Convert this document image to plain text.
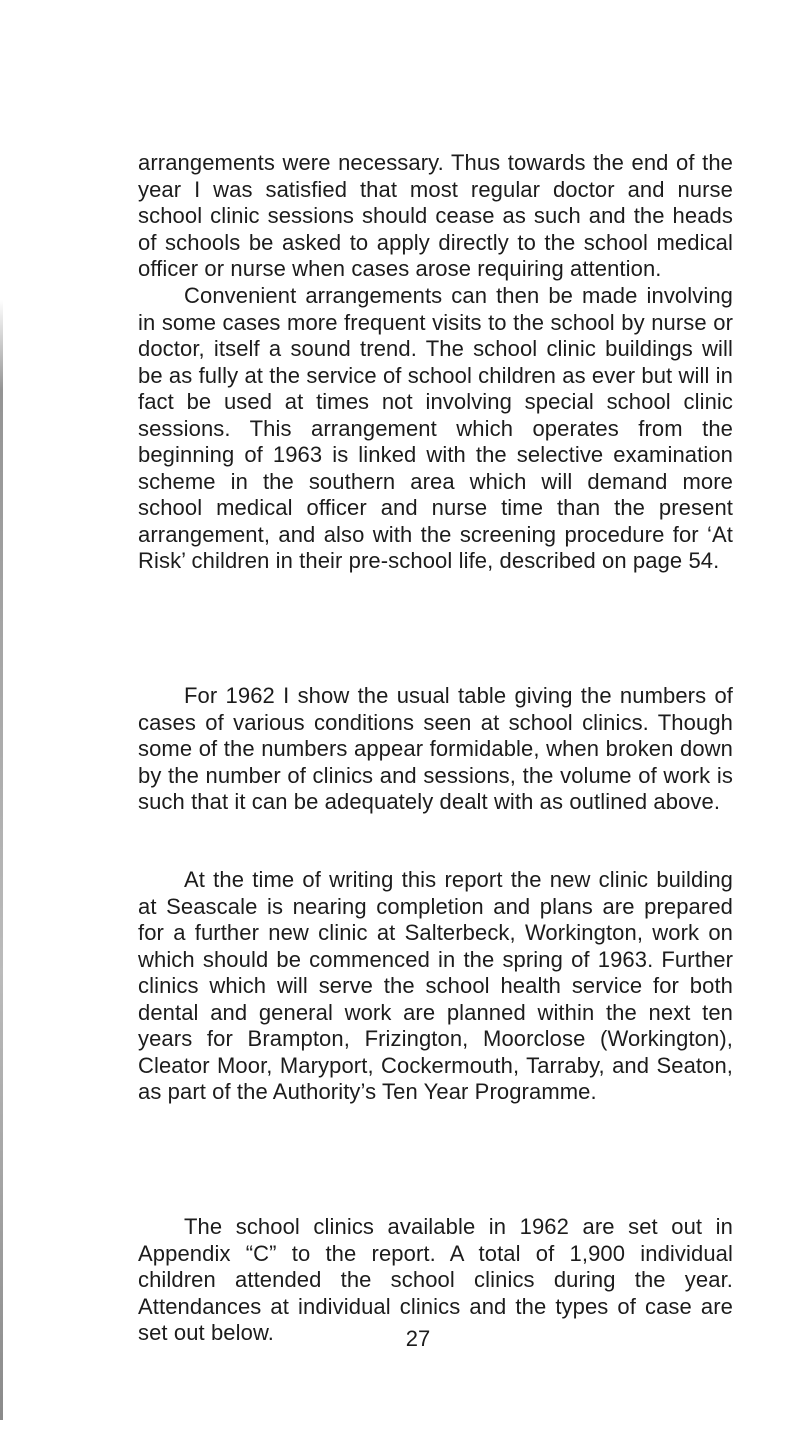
arrangements were necessary. Thus towards the end of the year I was satisfied that most regular doctor and nurse school clinic sessions should cease as such and the heads of schools be asked to apply directly to the school medical officer or nurse when cases arose requiring attention.

Convenient arrangements can then be made involving in some cases more frequent visits to the school by nurse or doctor, itself a sound trend. The school clinic buildings will be as fully at the service of school children as ever but will in fact be used at times not involving special school clinic sessions. This arrangement which operates from the beginning of 1963 is linked with the selective examination scheme in the southern area which will demand more school medical officer and nurse time than the present arrangement, and also with the screening procedure for ‘At Risk’ children in their pre-school life, described on page 54.

For 1962 I show the usual table giving the numbers of cases of various conditions seen at school clinics. Though some of the numbers appear formidable, when broken down by the number of clinics and sessions, the volume of work is such that it can be adequately dealt with as outlined above.

At the time of writing this report the new clinic building at Seascale is nearing completion and plans are prepared for a further new clinic at Salterbeck, Workington, work on which should be commenced in the spring of 1963. Further clinics which will serve the school health service for both dental and general work are planned within the next ten years for Brampton, Frizington, Moorclose (Workington), Cleator Moor, Maryport, Cockermouth, Tarraby, and Seaton, as part of the Authority’s Ten Year Programme.

The school clinics available in 1962 are set out in Appendix “C” to the report. A total of 1,900 individual children attended the school clinics during the year. Attendances at individual clinics and the types of case are set out below.	27
